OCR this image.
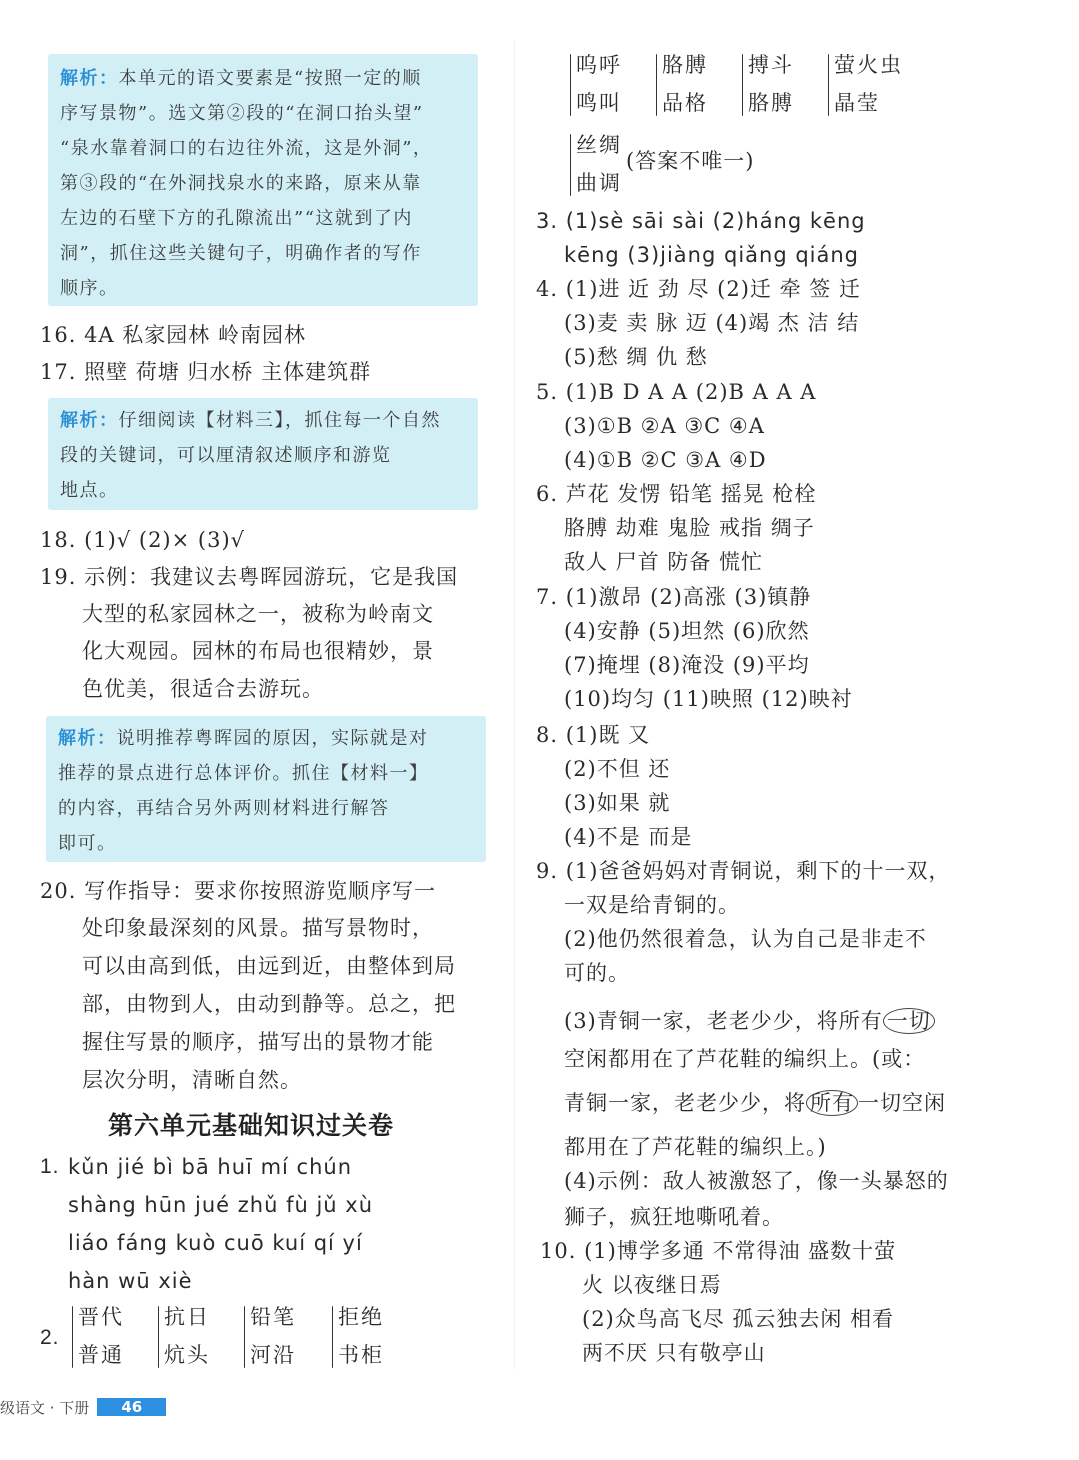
解析：本单元的语文要素是“按照一定的顺
序写景物”。选文第②段的“在洞口抬头望”
“泉水靠着洞口的右边往外流，这是外洞”，
第③段的“在外洞找泉水的来路，原来从靠
左边的石壁下方的孔隙流出”“这就到了内
洞”，抓住这些关键句子，明确作者的写作
顺序。
16. 4A 私家园林 岭南园林
17. 照壁 荷塘 归水桥 主体建筑群
解析：仔细阅读【材料三】，抓住每一个自然
段的关键词，可以厘清叙述顺序和游览
地点。
18. (1)√ (2)× (3)√
19. 示例：我建议去粤晖园游玩，它是我国
大型的私家园林之一，被称为岭南文
化大观园。园林的布局也很精妙，景
色优美，很适合去游玩。
解析：说明推荐粤晖园的原因，实际就是对
推荐的景点进行总体评价。抓住【材料一】
的内容，再结合另外两则材料进行解答
即可。
20. 写作指导：要求你按照游览顺序写一
处印象最深刻的风景。描写景物时，
可以由高到低，由远到近，由整体到局
部，由物到人，由动到静等。总之，把
握住写景的顺序，描写出的景物才能
层次分明，清晰自然。
第六单元基础知识过关卷
1. kǔn jié bì bā huī mí chún
shàng hūn jué zhǔ fù jǔ xù
liáo fáng kuò cuō kuí qí yí
hàn wū xiè
2.
晋代
普通
抗日
炕头
铅笔
河沿
拒绝
书柜
呜呼
鸣叫
胳膊
品格
搏斗
胳膊
萤火虫
晶莹
丝绸
曲调
(答案不唯一)
3. (1)sè sāi sài (2)háng kēng
kēng (3)jiàng qiǎng qiáng
4. (1)进 近 劲 尽 (2)迁 牵 签 迁
(3)麦 卖 脉 迈 (4)竭 杰 洁 结
(5)愁 绸 仇 愁
5. (1)B D A A (2)B A A A
(3)①B ②A ③C ④A
(4)①B ②C ③A ④D
6. 芦花 发愣 铅笔 摇晃 枪栓
胳膊 劫难 鬼脸 戒指 绸子
敌人 尸首 防备 慌忙
7. (1)激昂 (2)高涨 (3)镇静
(4)安静 (5)坦然 (6)欣然
(7)掩埋 (8)淹没 (9)平均
(10)均匀 (11)映照 (12)映衬
8. (1)既 又
(2)不但 还
(3)如果 就
(4)不是 而是
9. (1)爸爸妈妈对青铜说，剩下的十一双，
一双是给青铜的。
(2)他仍然很着急，认为自己是非走不
可的。
(3)青铜一家，老老少少，将所有 一切
空闲都用在了芦花鞋的编织上。(或：
青铜一家，老老少少，将 所有 一切空闲
都用在了芦花鞋的编织上。)
(4)示例：敌人被激怒了，像一头暴怒的
狮子，疯狂地嘶吼着。
10. (1)博学多通 不常得油 盛数十萤
火 以夜继日焉
(2)众鸟高飞尽 孤云独去闲 相看
两不厌 只有敬亭山
级语文 · 下册	46
